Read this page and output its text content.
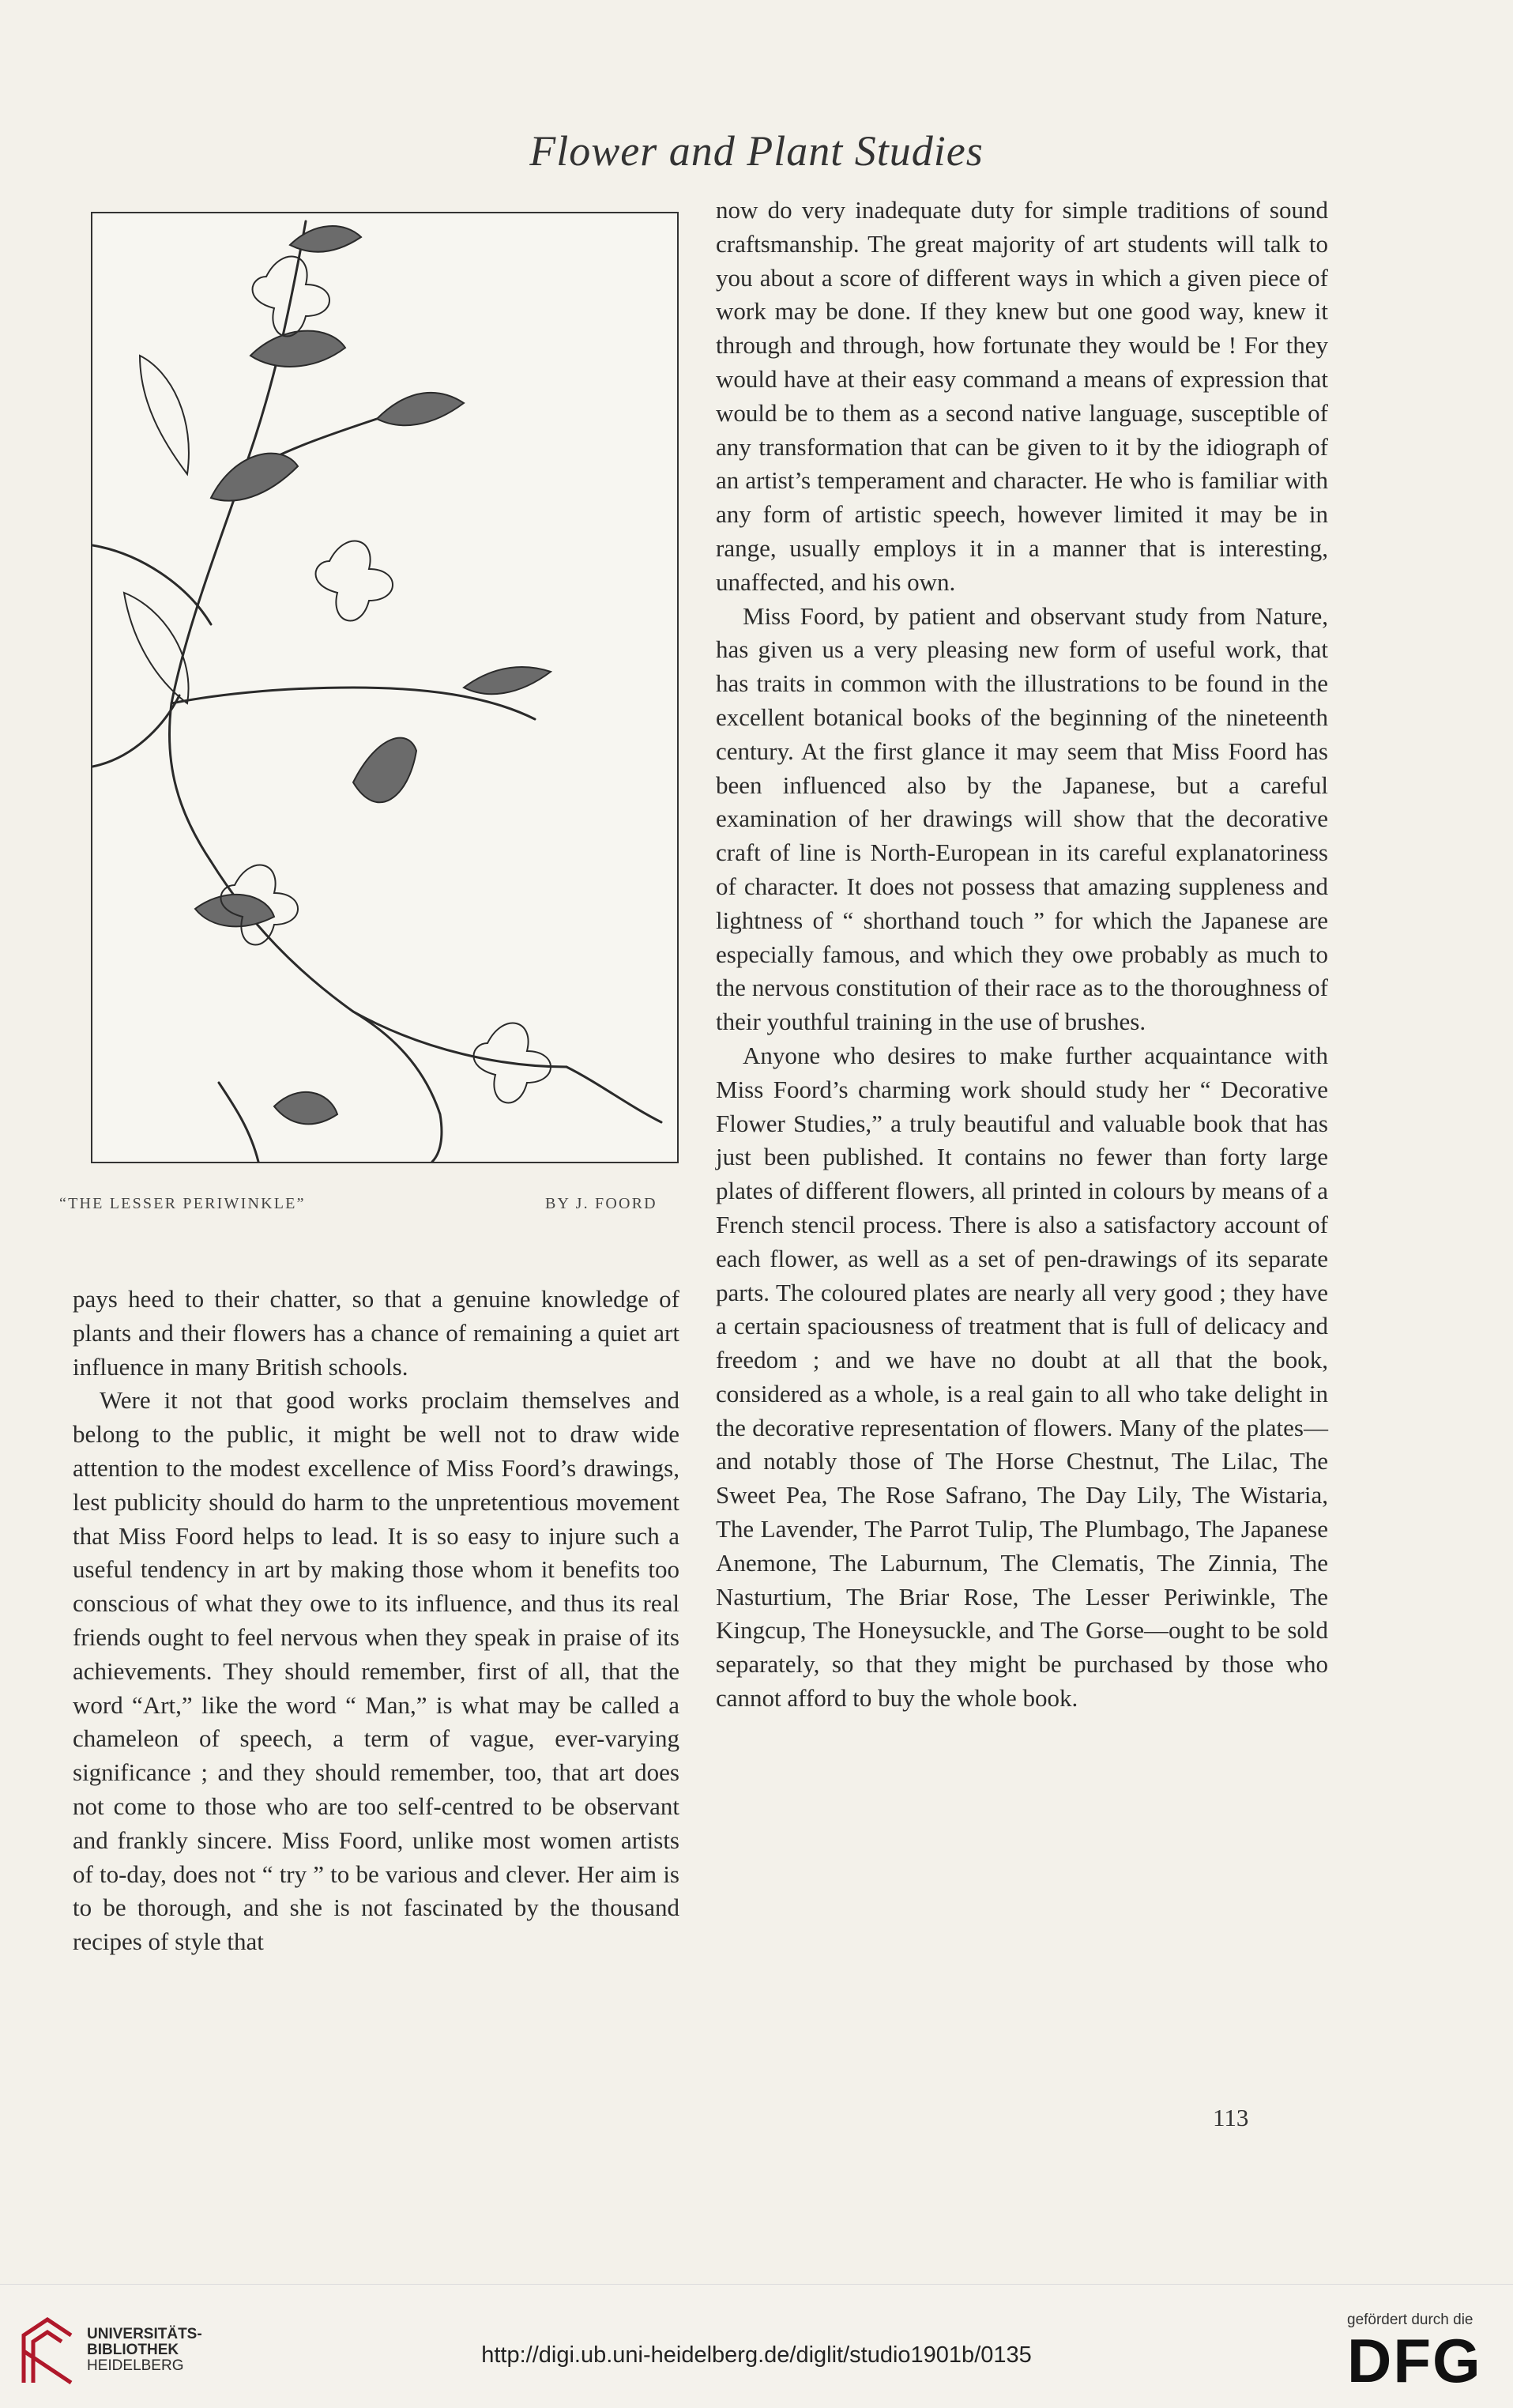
Flower and Plant Studies
“THE LESSER PERIWINKLE”	BY J. FOORD

pays heed to their chatter, so that a genuine knowledge of plants and their flowers has a chance of remaining a quiet art influence in many British schools.

Were it not that good works proclaim themselves and belong to the public, it might be well not to draw wide attention to the modest excellence of Miss Foord’s drawings, lest publicity should do harm to the unpretentious movement that Miss Foord helps to lead. It is so easy to injure such a useful tendency in art by making those whom it benefits too conscious of what they owe to its influence, and thus its real friends ought to feel nervous when they speak in praise of its achievements. They should remember, first of all, that the word “Art,” like the word “ Man,” is what may be called a chameleon of speech, a term of vague, ever-varying significance ; and they should remember, too, that art does not come to those who are too self-centred to be observant and frankly sincere. Miss Foord, unlike most women artists of to-day, does not “ try ” to be various and clever. Her aim is to be thorough, and she is not fascinated by the thousand recipes of style that

now do very inadequate duty for simple traditions of sound craftsmanship. The great majority of art students will talk to you about a score of different ways in which a given piece of work may be done. If they knew but one good way, knew it through and through, how fortunate they would be ! For they would have at their easy command a means of expression that would be to them as a second native language, susceptible of any transformation that can be given to it by the idiograph of an artist’s temperament and character. He who is familiar with any form of artistic speech, however limited it may be in range, usually employs it in a manner that is interesting, unaffected, and his own.

Miss Foord, by patient and observant study from Nature, has given us a very pleasing new form of useful work, that has traits in common with the illustrations to be found in the excellent botanical books of the beginning of the nineteenth century. At the first glance it may seem that Miss Foord has been influenced also by the Japanese, but a careful examination of her drawings will show that the decorative craft of line is North-European in its careful explanatoriness of character. It does not possess that amazing suppleness and lightness of “ shorthand touch ” for which the Japanese are especially famous, and which they owe probably as much to the nervous constitution of their race as to the thoroughness of their youthful training in the use of brushes.

Anyone who desires to make further acquaintance with Miss Foord’s charming work should study her “ Decorative Flower Studies,” a truly beautiful and valuable book that has just been published. It contains no fewer than forty large plates of different flowers, all printed in colours by means of a French stencil process. There is also a satisfactory account of each flower, as well as a set of pen-drawings of its separate parts. The coloured plates are nearly all very good ; they have a certain spaciousness of treatment that is full of delicacy and freedom ; and we have no doubt at all that the book, considered as a whole, is a real gain to all who take delight in the decorative representation of flowers. Many of the plates— and notably those of The Horse Chestnut, The Lilac, The Sweet Pea, The Rose Safrano, The Day Lily, The Wistaria, The Lavender, The Parrot Tulip, The Plumbago, The Japanese Anemone, The Laburnum, The Clematis, The Zinnia, The Nasturtium, The Briar Rose, The Lesser Periwinkle, The Kingcup, The Honeysuckle, and The Gorse—ought to be sold separately, so that they might be purchased by those who cannot afford to buy the whole book.

113
UNIVERSITÄTS-
BIBLIOTHEK
HEIDELBERG	http://digi.ub.uni-heidelberg.de/diglit/studio1901b/0135
gefördert durch die
DFG
